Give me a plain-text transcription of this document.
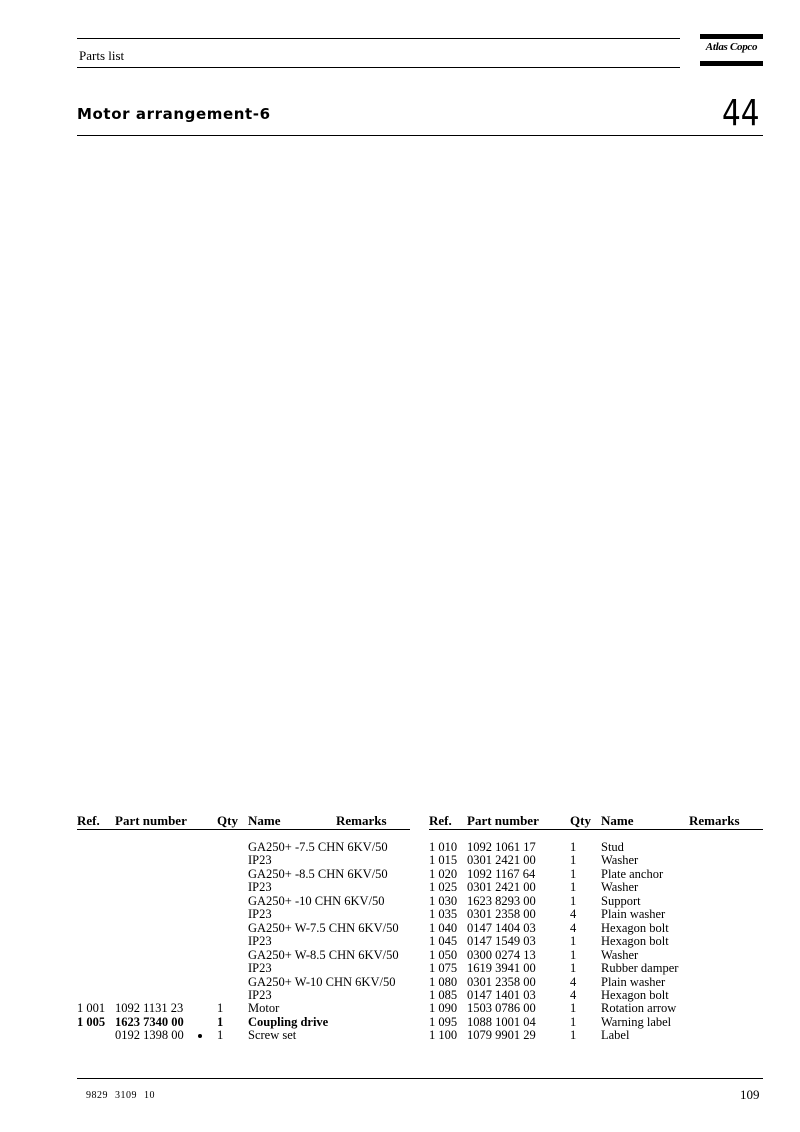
Parts list
Atlas Copco
Motor arrangement-6	44
Ref. Part number Qty Name	Remarks	Ref. Part number Qty Name	Remarks
GA250+ -7.5 CHN 6KV/50
IP23
GA250+ -8.5 CHN 6KV/50
IP23
GA250+ -10 CHN 6KV/50
IP23
GA250+ W-7.5 CHN 6KV/50
IP23
GA250+ W-8.5 CHN 6KV/50
IP23
GA250+ W-10 CHN 6KV/50
IP23
1 001 1092 1131 23	1 Motor
1 005 1623 7340 00	1 Coupling drive
0192 1398 00	1 Screw set
1 010 1092 1061 17	1 Stud
1 015 0301 2421 00	1 Washer
1 020 1092 1167 64	1 Plate anchor
1 025 0301 2421 00	1 Washer
1 030 1623 8293 00	1 Support
1 035 0301 2358 00	4 Plain washer
1 040 0147 1404 03	4 Hexagon bolt
1 045 0147 1549 03	1 Hexagon bolt
1 050 0300 0274 13	1 Washer
1 075 1619 3941 00	1 Rubber damper
1 080 0301 2358 00	4 Plain washer
1 085 0147 1401 03	4 Hexagon bolt
1 090 1503 0786 00	1 Rotation arrow
1 095 1088 1001 04	1 Warning label
1 100 1079 9901 29	1 Label
9829 3109 10	109
